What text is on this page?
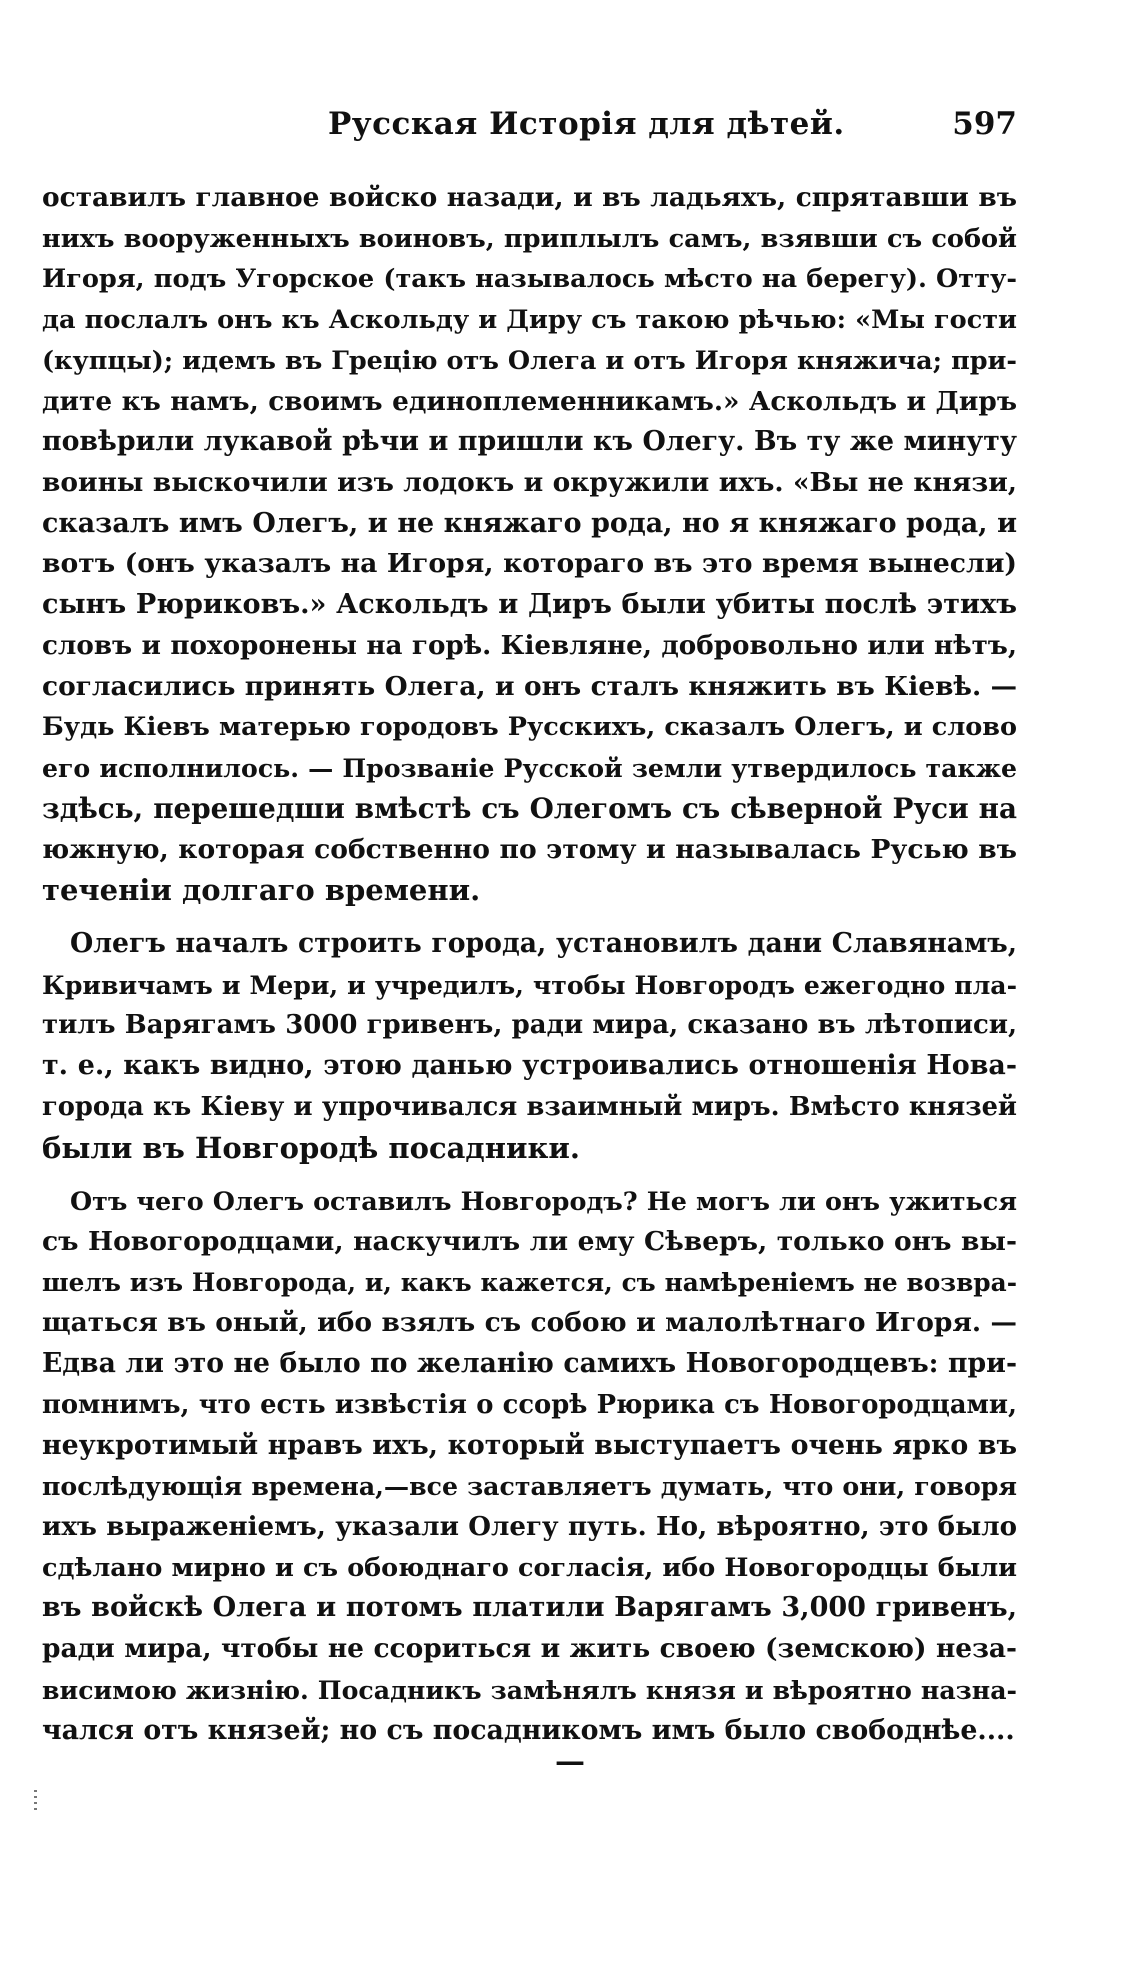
Русская Исторія для дѣтей.	597
оставилъ главное войско назади, и въ ладьяхъ, спрятавши въ
нихъ вооруженныхъ воиновъ, приплылъ самъ, взявши съ собой
Игоря, подъ Угорское (такъ называлось мѣсто на берегу). Отту-
да послалъ онъ къ Аскольду и Диру съ такою рѣчью: «Мы гости
(купцы); идемъ въ Грецію отъ Олега и отъ Игоря княжича; при-
дите къ намъ, своимъ единоплеменникамъ.» Аскольдъ и Диръ
повѣрили лукавой рѣчи и пришли къ Олегу. Въ ту же минуту
воины выскочили изъ лодокъ и окружили ихъ. «Вы не князи,
сказалъ имъ Олегъ, и не княжаго рода, но я княжаго рода, и
вотъ (онъ указалъ на Игоря, котораго въ это время вынесли)
сынъ Рюриковъ.» Аскольдъ и Диръ были убиты послѣ этихъ
словъ и похоронены на горѣ. Кіевляне, добровольно или нѣтъ,
согласились принять Олега, и онъ сталъ княжить въ Кіевѣ. —
Будь Кіевъ матерью городовъ Русскихъ, сказалъ Олегъ, и слово
его исполнилось. — Прозваніе Русской земли утвердилось также
здѣсь, перешедши вмѣстѣ съ Олегомъ съ сѣверной Руси на
южную, которая собственно по этому и называлась Русью въ
теченіи долгаго времени.
Олегъ началъ строить города, установилъ дани Славянамъ,
Кривичамъ и Мери, и учредилъ, чтобы Новгородъ ежегодно пла-
тилъ Варягамъ 3000 гривенъ, ради мира, сказано въ лѣтописи,
т. е., какъ видно, этою данью устроивались отношенія Нова-
города къ Кіеву и упрочивался взаимный миръ. Вмѣсто князей
были въ Новгородѣ посадники.
Отъ чего Олегъ оставилъ Новгородъ? Не могъ ли онъ ужиться
съ Новогородцами, наскучилъ ли ему Сѣверъ, только онъ вы-
шелъ изъ Новгорода, и, какъ кажется, съ намѣреніемъ не возвра-
щаться въ оный, ибо взялъ съ собою и малолѣтнаго Игоря. —
Едва ли это не было по желанію самихъ Новогородцевъ: при-
помнимъ, что есть извѣстія о ссорѣ Рюрика съ Новогородцами,
неукротимый нравъ ихъ, который выступаетъ очень ярко въ
послѣдующія времена,—все заставляетъ думать, что они, говоря
ихъ выраженіемъ, указали Олегу путь. Но, вѣроятно, это было
сдѣлано мирно и съ обоюднаго согласія, ибо Новогородцы были
въ войскѣ Олега и потомъ платили Варягамъ 3,000 гривенъ,
ради мира, чтобы не ссориться и жить своею (земскою) неза-
висимою жизнію. Посадникъ замѣнялъ князя и вѣроятно назна-
чался отъ князей; но съ посадникомъ имъ было свободнѣе....
—
